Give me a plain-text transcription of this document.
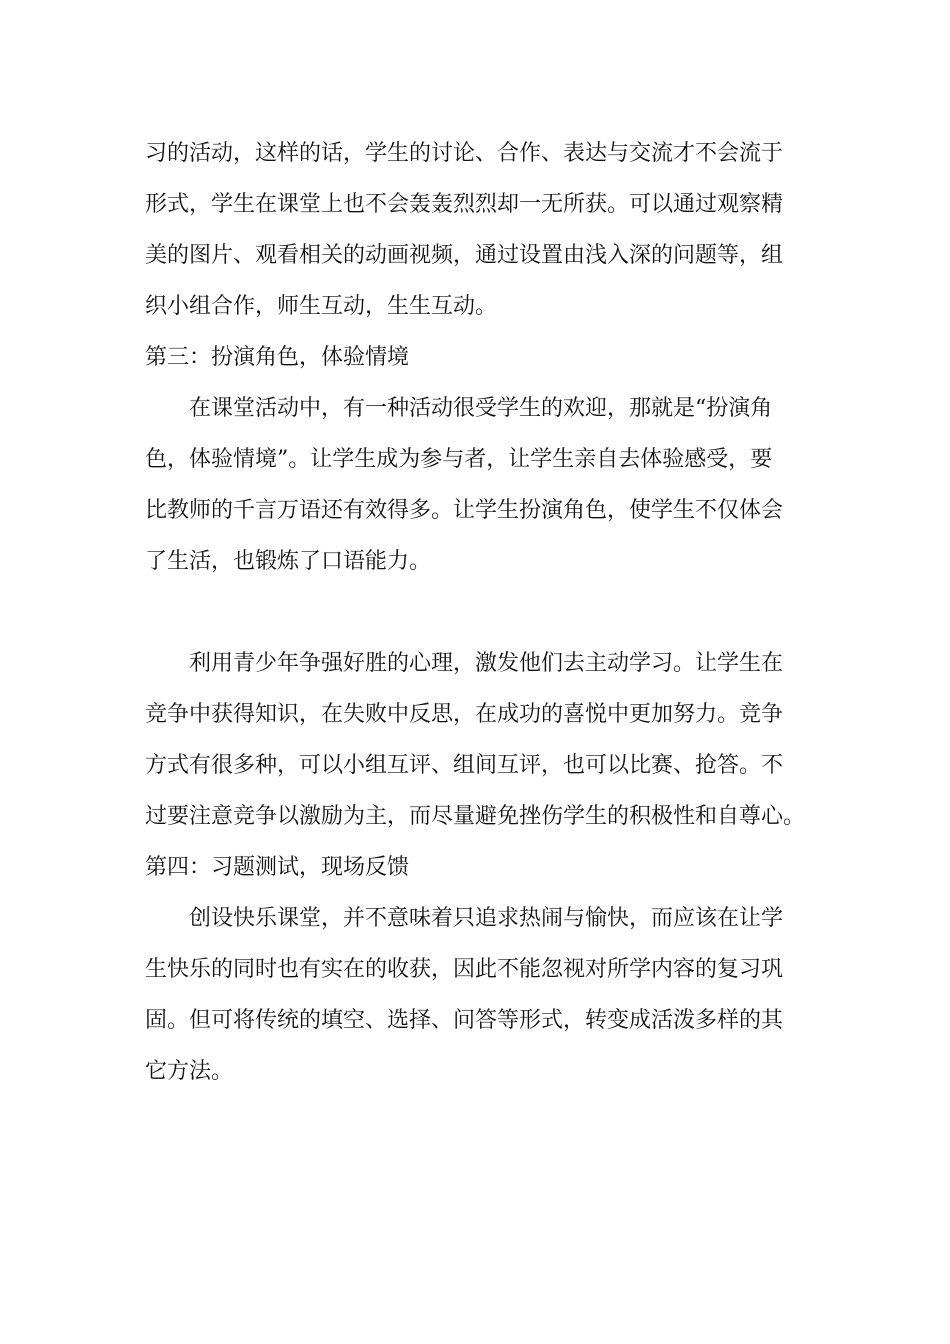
习的活动，这样的话，学生的讨论、合作、表达与交流才不会流于
形式，学生在课堂上也不会轰轰烈烈却一无所获。可以通过观察精
美的图片、观看相关的动画视频，通过设置由浅入深的问题等，组
织小组合作，师生互动，生生互动。
第三：扮演角色，体验情境
在课堂活动中，有一种活动很受学生的欢迎，那就是“扮演角
色，体验情境”。让学生成为参与者，让学生亲自去体验感受，要
比教师的千言万语还有效得多。让学生扮演角色，使学生不仅体会
了生活，也锻炼了口语能力。
利用青少年争强好胜的心理，激发他们去主动学习。让学生在
竞争中获得知识，在失败中反思，在成功的喜悦中更加努力。竞争
方式有很多种，可以小组互评、组间互评，也可以比赛、抢答。不
过要注意竞争以激励为主，而尽量避免挫伤学生的积极性和自尊心。
第四：习题测试，现场反馈
创设快乐课堂，并不意味着只追求热闹与愉快，而应该在让学
生快乐的同时也有实在的收获，因此不能忽视对所学内容的复习巩
固。但可将传统的填空、选择、问答等形式，转变成活泼多样的其
它方法。
